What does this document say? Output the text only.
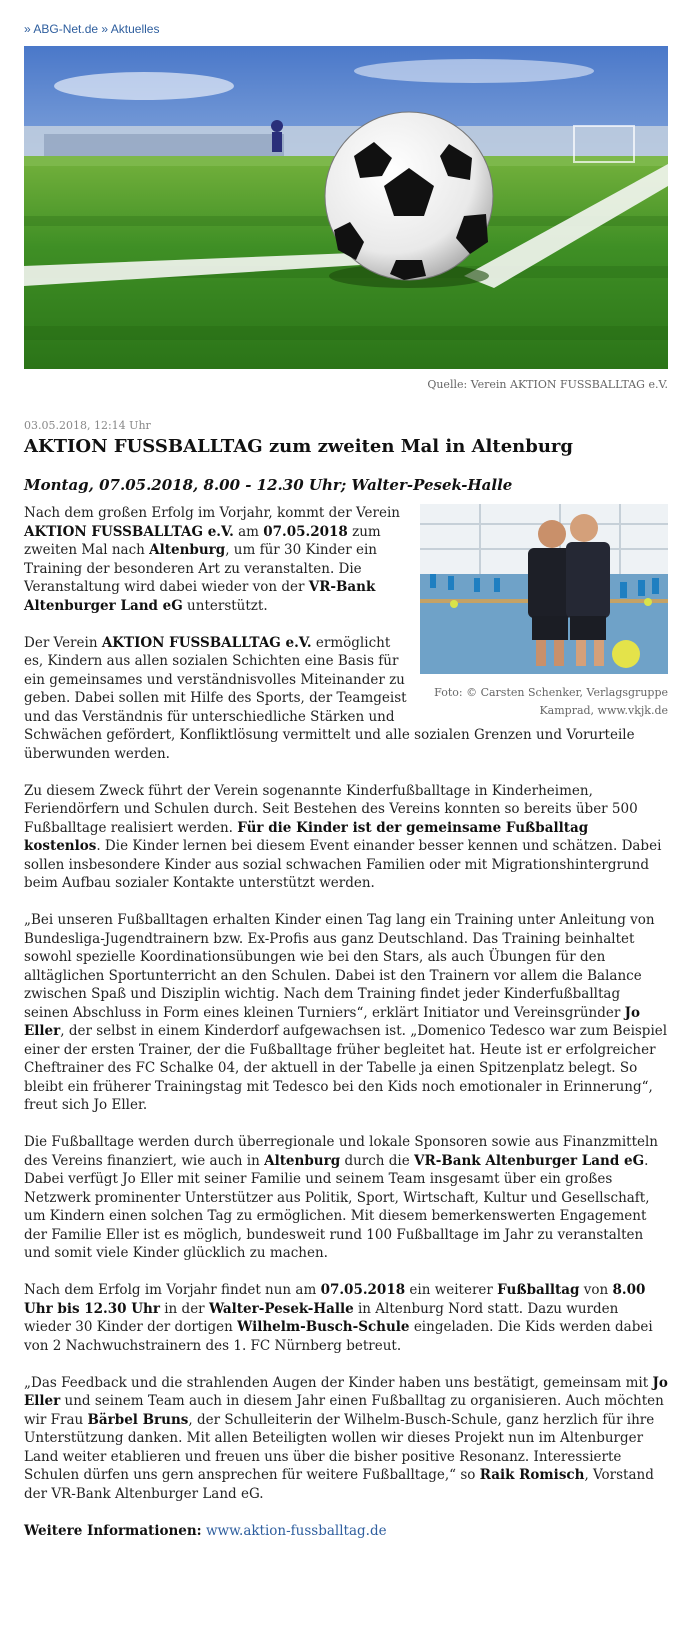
» ABG-Net.de » Aktuelles
Quelle: Verein AKTION FUSSBALLTAG e.V.
03.05.2018, 12:14 Uhr
AKTION FUSSBALLTAG zum zweiten Mal in Altenburg
Montag, 07.05.2018, 8.00 - 12.30 Uhr; Walter-Pesek-Halle
Foto: © Carsten Schenker, Verlagsgruppe Kamprad, www.vkjk.de

Nach dem großen Erfolg im Vorjahr, kommt der Verein AKTION FUSSBALLTAG e.V. am 07.05.2018 zum zweiten Mal nach Altenburg, um für 30 Kinder ein Training der besonderen Art zu veranstalten. Die Veranstaltung wird dabei wieder von der VR-Bank Altenburger Land eG unterstützt.

Der Verein AKTION FUSSBALLTAG e.V. ermöglicht es, Kindern aus allen sozialen Schichten eine Basis für ein gemeinsames und verständnisvolles Miteinander zu geben. Dabei sollen mit Hilfe des Sports, der Teamgeist und das Verständnis für unterschiedliche Stärken und Schwächen gefördert, Konfliktlösung vermittelt und alle sozialen Grenzen und Vorurteile überwunden werden.

Zu diesem Zweck führt der Verein sogenannte Kinderfußballtage in Kinderheimen, Feriendörfern und Schulen durch. Seit Bestehen des Vereins konnten so bereits über 500 Fußballtage realisiert werden. Für die Kinder ist der gemeinsame Fußballtag kostenlos. Die Kinder lernen bei diesem Event einander besser kennen und schätzen. Dabei sollen insbesondere Kinder aus sozial schwachen Familien oder mit Migrationshintergrund beim Aufbau sozialer Kontakte unterstützt werden.

„Bei unseren Fußballtagen erhalten Kinder einen Tag lang ein Training unter Anleitung von Bundesliga-Jugendtrainern bzw. Ex-Profis aus ganz Deutschland. Das Training beinhaltet sowohl spezielle Koordinationsübungen wie bei den Stars, als auch Übungen für den alltäglichen Sportunterricht an den Schulen. Dabei ist den Trainern vor allem die Balance zwischen Spaß und Disziplin wichtig. Nach dem Training findet jeder Kinderfußballtag seinen Abschluss in Form eines kleinen Turniers“, erklärt Initiator und Vereinsgründer Jo Eller, der selbst in einem Kinderdorf aufgewachsen ist. „Domenico Tedesco war zum Beispiel einer der ersten Trainer, der die Fußballtage früher begleitet hat. Heute ist er erfolgreicher Cheftrainer des FC Schalke 04, der aktuell in der Tabelle ja einen Spitzenplatz belegt. So bleibt ein früherer Trainingstag mit Tedesco bei den Kids noch emotionaler in Erinnerung“, freut sich Jo Eller.

Die Fußballtage werden durch überregionale und lokale Sponsoren sowie aus Finanzmitteln des Vereins finanziert, wie auch in Altenburg durch die VR-Bank Altenburger Land eG. Dabei verfügt Jo Eller mit seiner Familie und seinem Team insgesamt über ein großes Netzwerk prominenter Unterstützer aus Politik, Sport, Wirtschaft, Kultur und Gesellschaft, um Kindern einen solchen Tag zu ermöglichen. Mit diesem bemerkenswerten Engagement der Familie Eller ist es möglich, bundesweit rund 100 Fußballtage im Jahr zu veranstalten und somit viele Kinder glücklich zu machen.

Nach dem Erfolg im Vorjahr findet nun am 07.05.2018 ein weiterer Fußballtag von 8.00 Uhr bis 12.30 Uhr in der Walter-Pesek-Halle in Altenburg Nord statt. Dazu wurden wieder 30 Kinder der dortigen Wilhelm-Busch-Schule eingeladen. Die Kids werden dabei von 2 Nachwuchstrainern des 1. FC Nürnberg betreut.

„Das Feedback und die strahlenden Augen der Kinder haben uns bestätigt, gemeinsam mit Jo Eller und seinem Team auch in diesem Jahr einen Fußballtag zu organisieren. Auch möchten wir Frau Bärbel Bruns, der Schulleiterin der Wilhelm-Busch-Schule, ganz herzlich für ihre Unterstützung danken. Mit allen Beteiligten wollen wir dieses Projekt nun im Altenburger Land weiter etablieren und freuen uns über die bisher positive Resonanz. Interessierte Schulen dürfen uns gern ansprechen für weitere Fußballtage,“ so Raik Romisch, Vorstand der VR-Bank Altenburger Land eG.

Weitere Informationen: www.aktion-fussballtag.de
